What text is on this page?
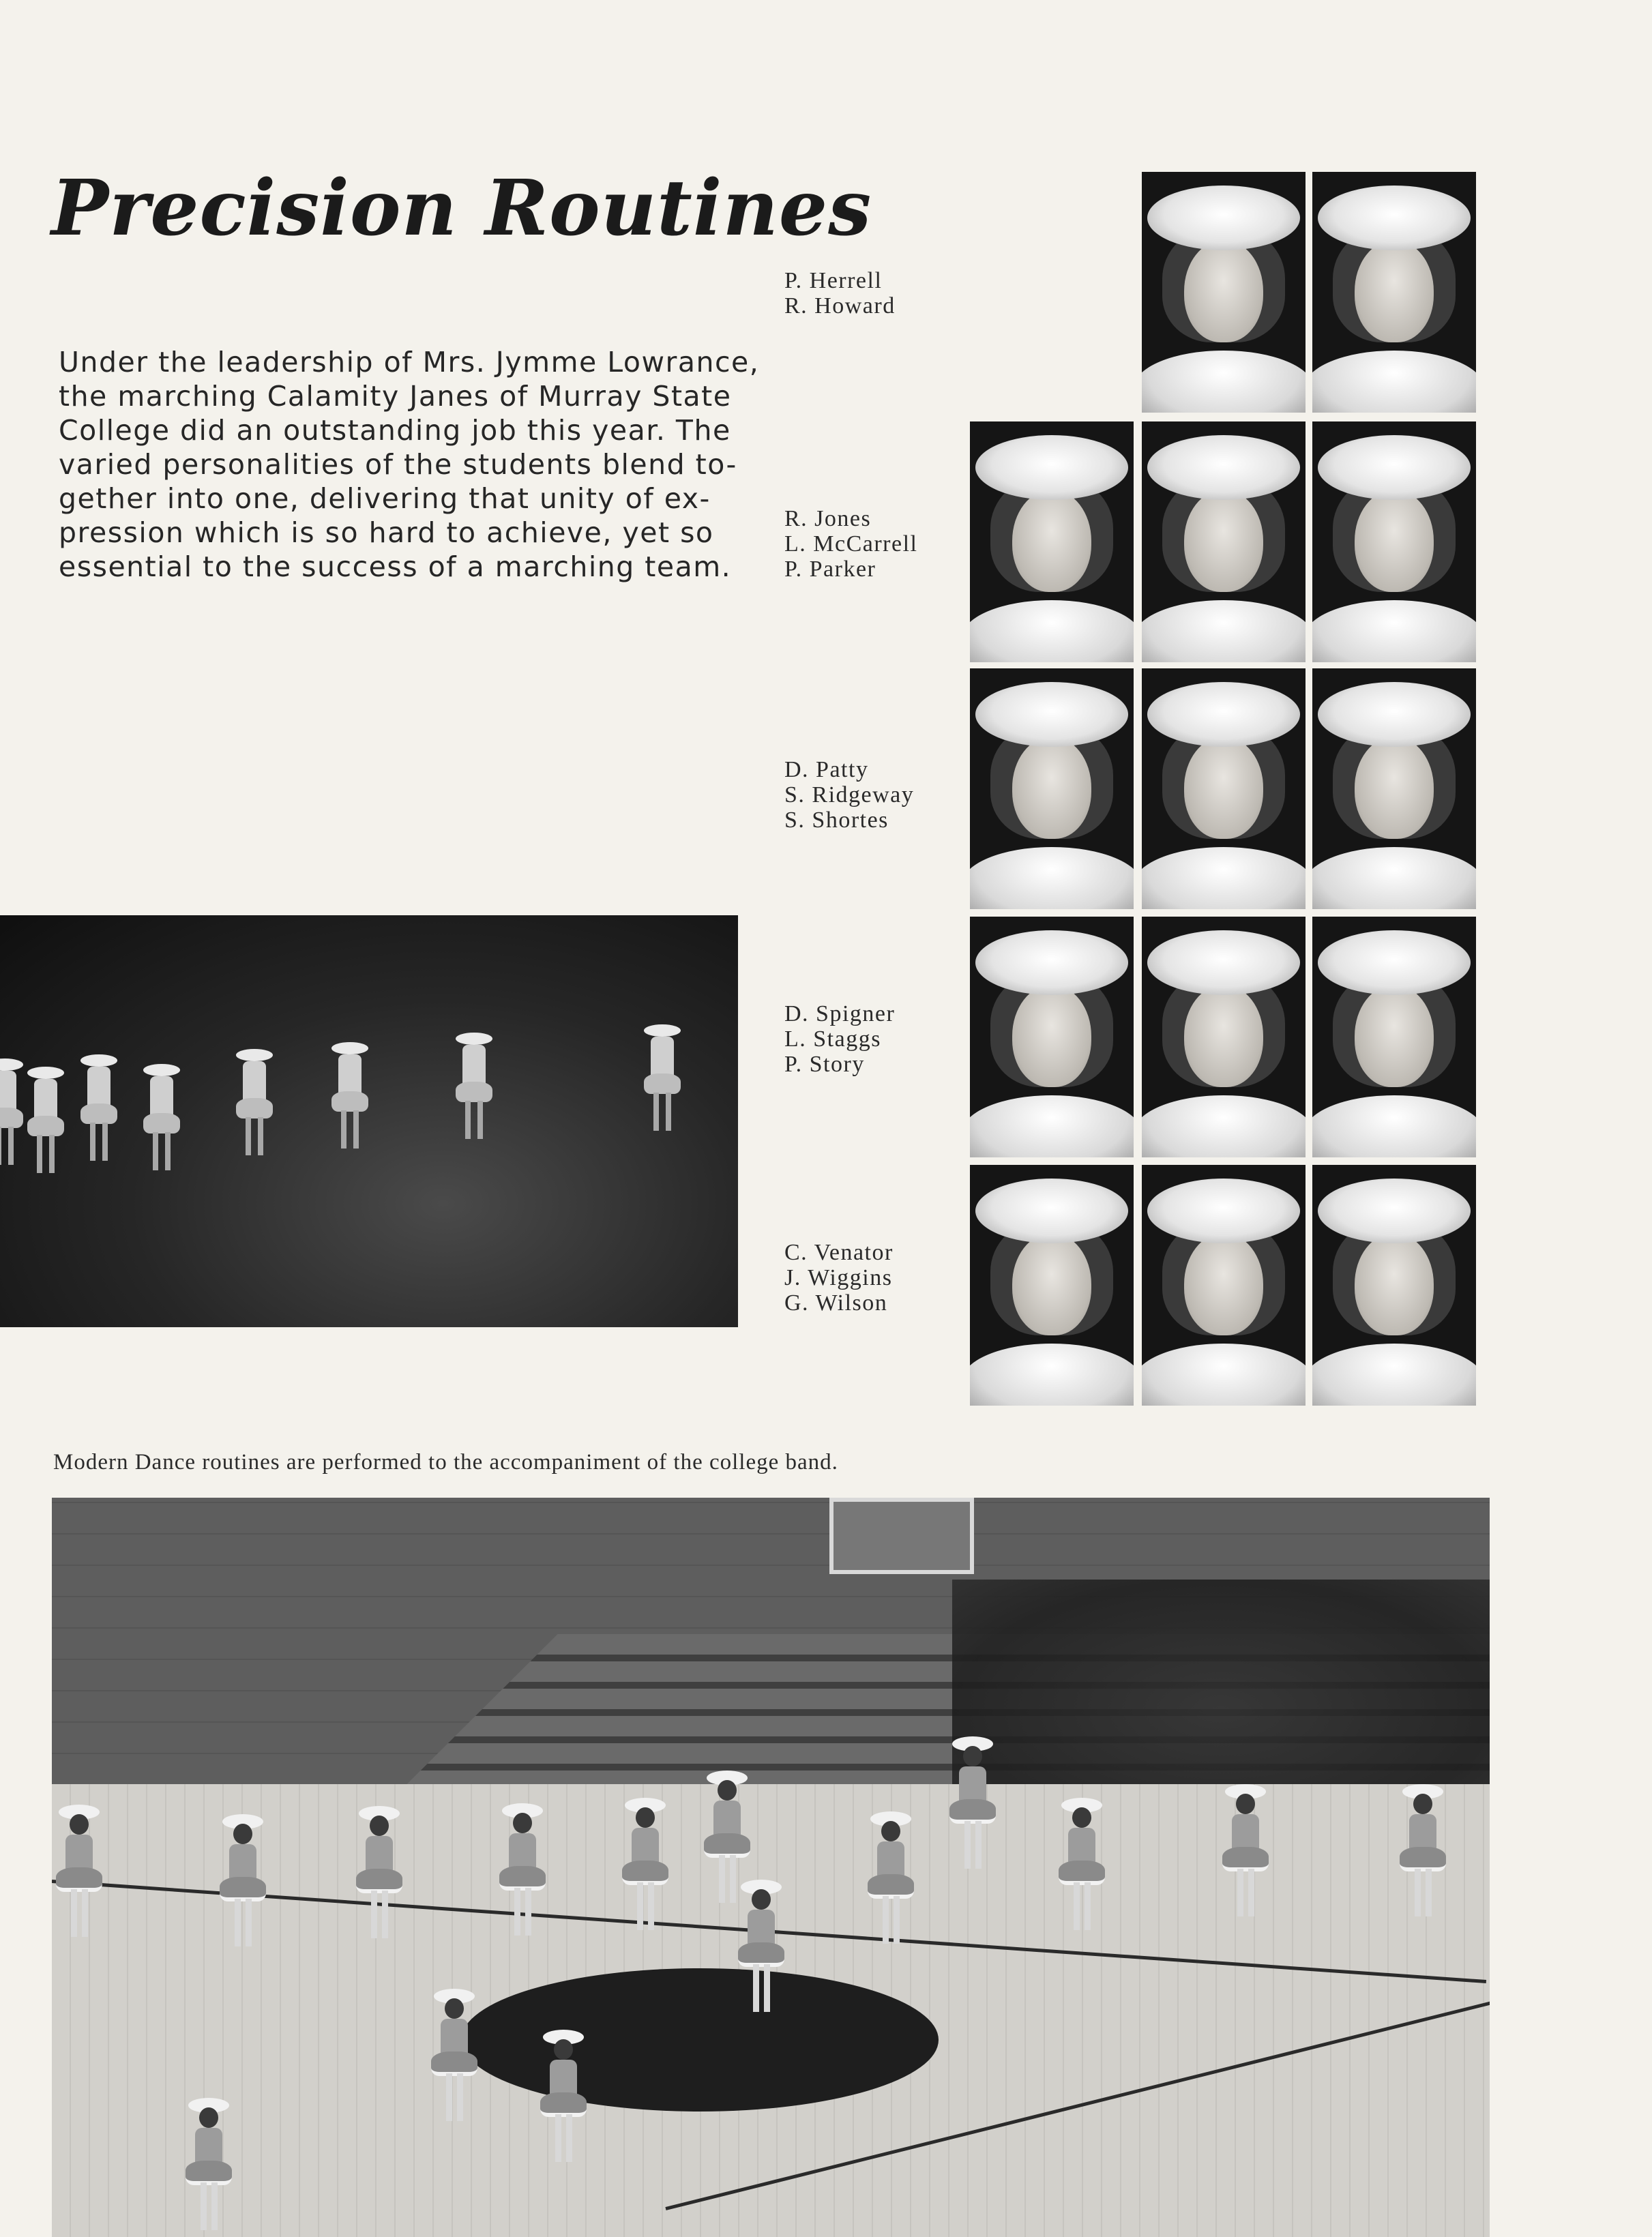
Precision Routines
Under the leadership of Mrs. Jymme Lowrance,
the marching Calamity Janes of Murray State
College did an outstanding job this year. The
varied personalities of the students blend to-
gether into one, delivering that unity of ex-
pression which is so hard to achieve, yet so
essential to the success of a marching team.
P. Herrell
R. Howard
R. Jones
L. McCarrell
P. Parker
D. Patty
S. Ridgeway
S. Shortes
D. Spigner
L. Staggs
P. Story
C. Venator
J. Wiggins
G. Wilson
Modern Dance routines are performed to the accompaniment of the college band.
